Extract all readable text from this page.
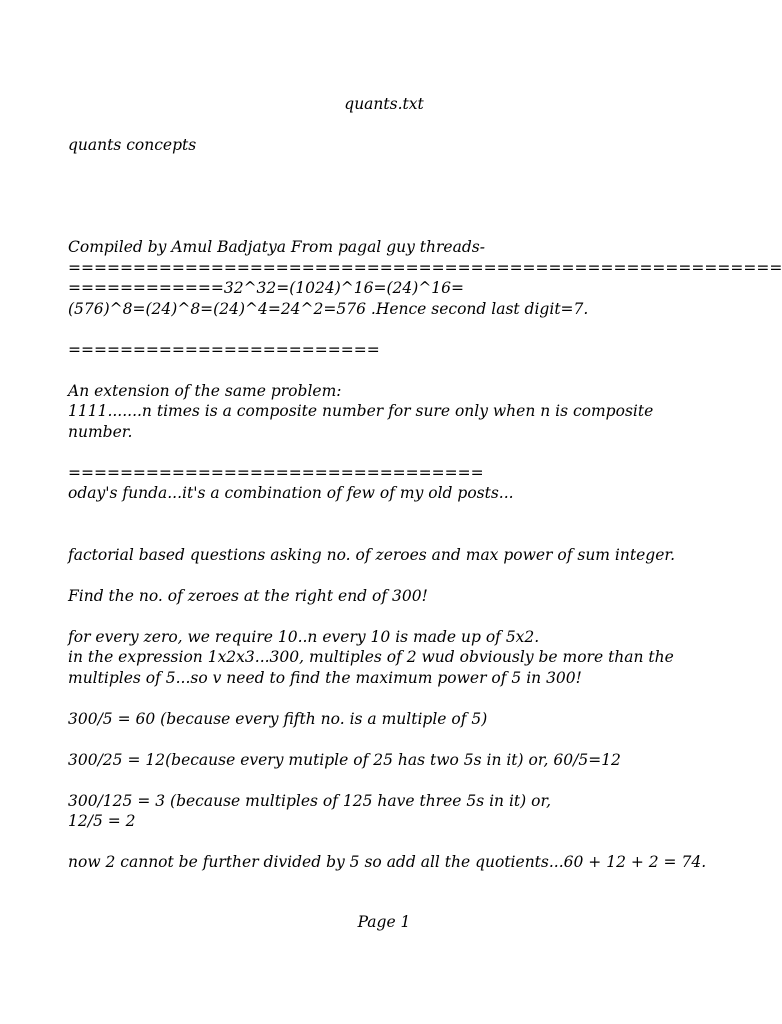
quants.txt
quants concepts
Compiled by Amul Badjatya From pagal guy threads-
=======================================================
============32^32=(1024)^16=(24)^16=
(576)^8=(24)^8=(24)^4=24^2=576 .Hence second last digit=7.
========================
An extension of the same problem:
1111.......n times is a composite number for sure only when n is composite
number.
================================
oday's funda...it's a combination of few of my old posts...
factorial based questions asking no. of zeroes and max power of sum integer.
Find the no. of zeroes at the right end of 300!
for every zero, we require 10..n every 10 is made up of 5x2.
in the expression 1x2x3...300, multiples of 2 wud obviously be more than the
multiples of 5...so v need to find the maximum power of 5 in 300!
300/5 = 60 (because every fifth no. is a multiple of 5)
300/25 = 12(because every mutiple of 25 has two 5s in it) or, 60/5=12
300/125 = 3 (because multiples of 125 have three 5s in it) or,
12/5 = 2
now 2 cannot be further divided by 5 so add all the quotients...60 + 12 + 2 = 74.
Page 1
